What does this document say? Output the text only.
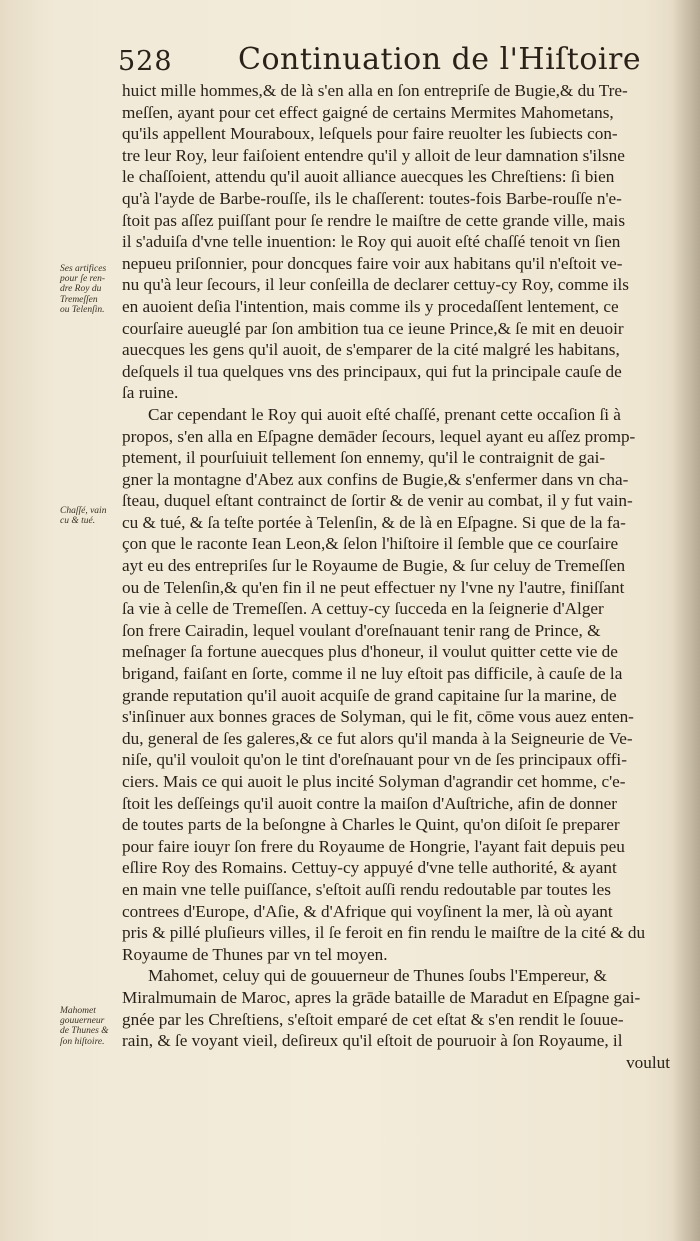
528 Continuation de l'Hiſtoire
Ses artifices
pour ſe ren-
dre Roy du
Tremeſſen
ou Telenſin.
Chaſſé, vain
cu & tué.
Mahomet
gouuerneur
de Thunes &
ſon hiſtoire.
huict mille hommes,& de là s'en alla en ſon entrepriſe de Bugie,& du Tre-
meſſen, ayant pour cet effect gaigné de certains Mermites Mahometans,
qu'ils appellent Mouraboux, leſquels pour faire reuolter les ſubiects con-
tre leur Roy, leur faiſoient entendre qu'il y alloit de leur damnation s'ilsne
le chaſſoient, attendu qu'il auoit alliance auecques les Chreſtiens: ſi bien
qu'à l'ayde de Barbe-rouſſe, ils le chaſſerent: toutes-fois Barbe-rouſſe n'e-
ſtoit pas aſſez puiſſant pour ſe rendre le maiſtre de cette grande ville, mais
il s'aduiſa d'vne telle inuention: le Roy qui auoit eſté chaſſé tenoit vn ſien
nepueu priſonnier, pour doncques faire voir aux habitans qu'il n'eſtoit ve-
nu qu'à leur ſecours, il leur conſeilla de declarer cettuy-cy Roy, comme ils
en auoient deſia l'intention, mais comme ils y procedaſſent lentement, ce
courſaire aueuglé par ſon ambition tua ce ieune Prince,& ſe mit en deuoir
auecques les gens qu'il auoit, de s'emparer de la cité malgré les habitans,
deſquels il tua quelques vns des principaux, qui fut la principale cauſe de
ſa ruine.
Car cependant le Roy qui auoit eſté chaſſé, prenant cette occaſion ſi à
propos, s'en alla en Eſpagne demāder ſecours, lequel ayant eu aſſez promp-
ptement, il pourſuiuit tellement ſon ennemy, qu'il le contraignit de gai-
gner la montagne d'Abez aux confins de Bugie,& s'enfermer dans vn cha-
ſteau, duquel eſtant contrainct de ſortir & de venir au combat, il y fut vain-
cu & tué, & ſa teſte portée à Telenſin, & de là en Eſpagne. Si que de la fa-
çon que le raconte Iean Leon,& ſelon l'hiſtoire il ſemble que ce courſaire
ayt eu des entrepriſes ſur le Royaume de Bugie, & ſur celuy de Tremeſſen
ou de Telenſin,& qu'en fin il ne peut effectuer ny l'vne ny l'autre, finiſſant
ſa vie à celle de Tremeſſen. A cettuy-cy ſucceda en la ſeignerie d'Alger
ſon frere Cairadin, lequel voulant d'oreſnauant tenir rang de Prince, &
meſnager ſa fortune auecques plus d'honeur, il voulut quitter cette vie de
brigand, faiſant en ſorte, comme il ne luy eſtoit pas difficile, à cauſe de la
grande reputation qu'il auoit acquiſe de grand capitaine ſur la marine, de
s'inſinuer aux bonnes graces de Solyman, qui le fit, cōme vous auez enten-
du, general de ſes galeres,& ce fut alors qu'il manda à la Seigneurie de Ve-
niſe, qu'il vouloit qu'on le tint d'oreſnauant pour vn de ſes principaux offi-
ciers. Mais ce qui auoit le plus incité Solyman d'agrandir cet homme, c'e-
ſtoit les deſſeings qu'il auoit contre la maiſon d'Auſtriche, afin de donner
de toutes parts de la beſongne à Charles le Quint, qu'on diſoit ſe preparer
pour faire iouyr ſon frere du Royaume de Hongrie, l'ayant fait depuis peu
eſlire Roy des Romains. Cettuy-cy appuyé d'vne telle authorité, & ayant
en main vne telle puiſſance, s'eſtoit auſſi rendu redoutable par toutes les
contrees d'Europe, d'Aſie, & d'Afrique qui voyſinent la mer, là où ayant
pris & pillé pluſieurs villes, il ſe feroit en fin rendu le maiſtre de la cité & du
Royaume de Thunes par vn tel moyen.
Mahomet, celuy qui de gouuerneur de Thunes ſoubs l'Empereur, &
Miralmumain de Maroc, apres la grāde bataille de Maradut en Eſpagne gai-
gnée par les Chreſtiens, s'eſtoit emparé de cet eſtat & s'en rendit le ſouue-
rain, & ſe voyant vieil, deſireux qu'il eſtoit de pouruoir à ſon Royaume, il
voulut
